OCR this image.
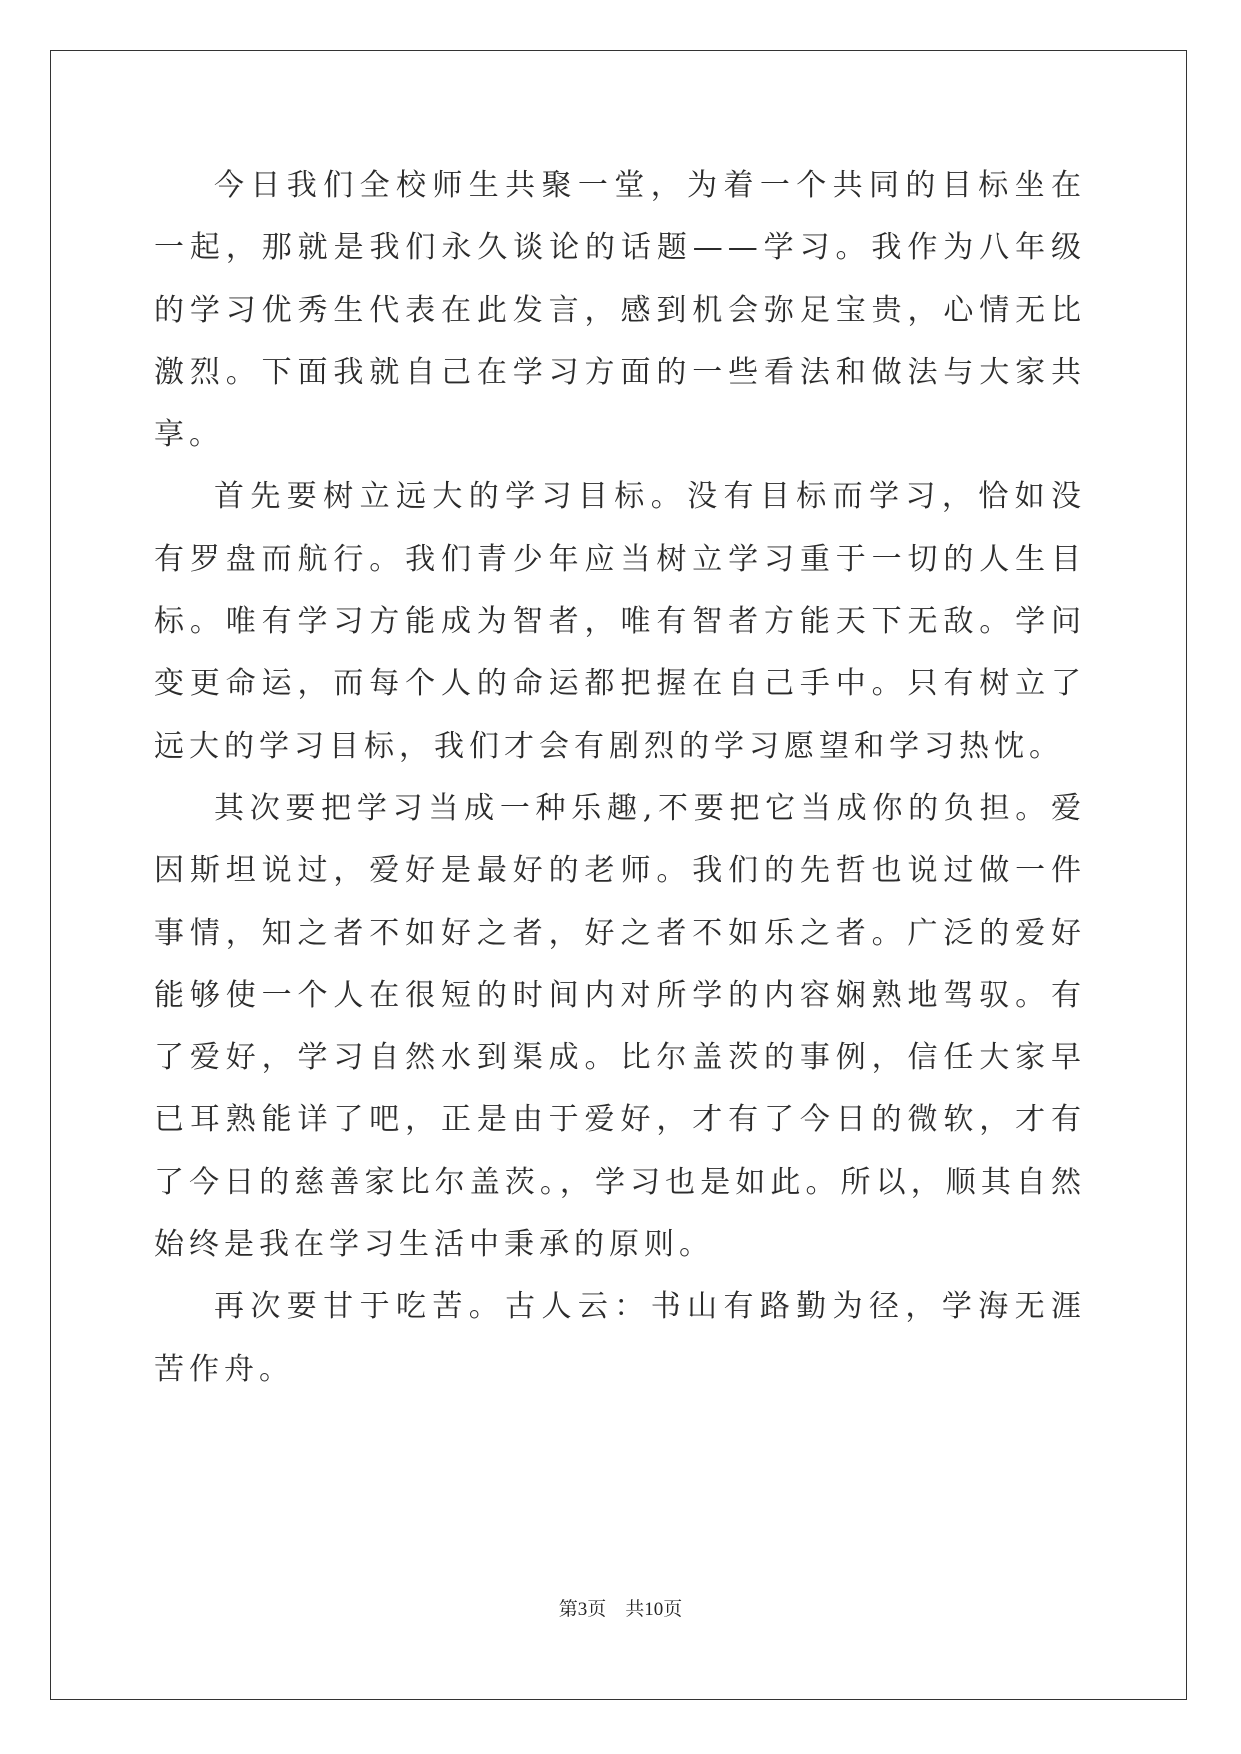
今日我们全校师生共聚一堂，为着一个共同的目标坐在一起，那就是我们永久谈论的话题——学习。我作为八年级的学习优秀生代表在此发言，感到机会弥足宝贵，心情无比激烈。下面我就自己在学习方面的一些看法和做法与大家共享。

首先要树立远大的学习目标。没有目标而学习，恰如没有罗盘而航行。我们青少年应当树立学习重于一切的人生目标。唯有学习方能成为智者，唯有智者方能天下无敌。学问变更命运，而每个人的命运都把握在自己手中。只有树立了远大的学习目标，我们才会有剧烈的学习愿望和学习热忱。

其次要把学习当成一种乐趣,不要把它当成你的负担。爱因斯坦说过，爱好是最好的老师。我们的先哲也说过做一件事情，知之者不如好之者，好之者不如乐之者。广泛的爱好能够使一个人在很短的时间内对所学的内容娴熟地驾驭。有了爱好，学习自然水到渠成。比尔盖茨的事例，信任大家早已耳熟能详了吧，正是由于爱好，才有了今日的微软，才有了今日的慈善家比尔盖茨。，学习也是如此。所以，顺其自然始终是我在学习生活中秉承的原则。

再次要甘于吃苦。古人云：书山有路勤为径，学海无涯苦作舟。

第3页 共10页
